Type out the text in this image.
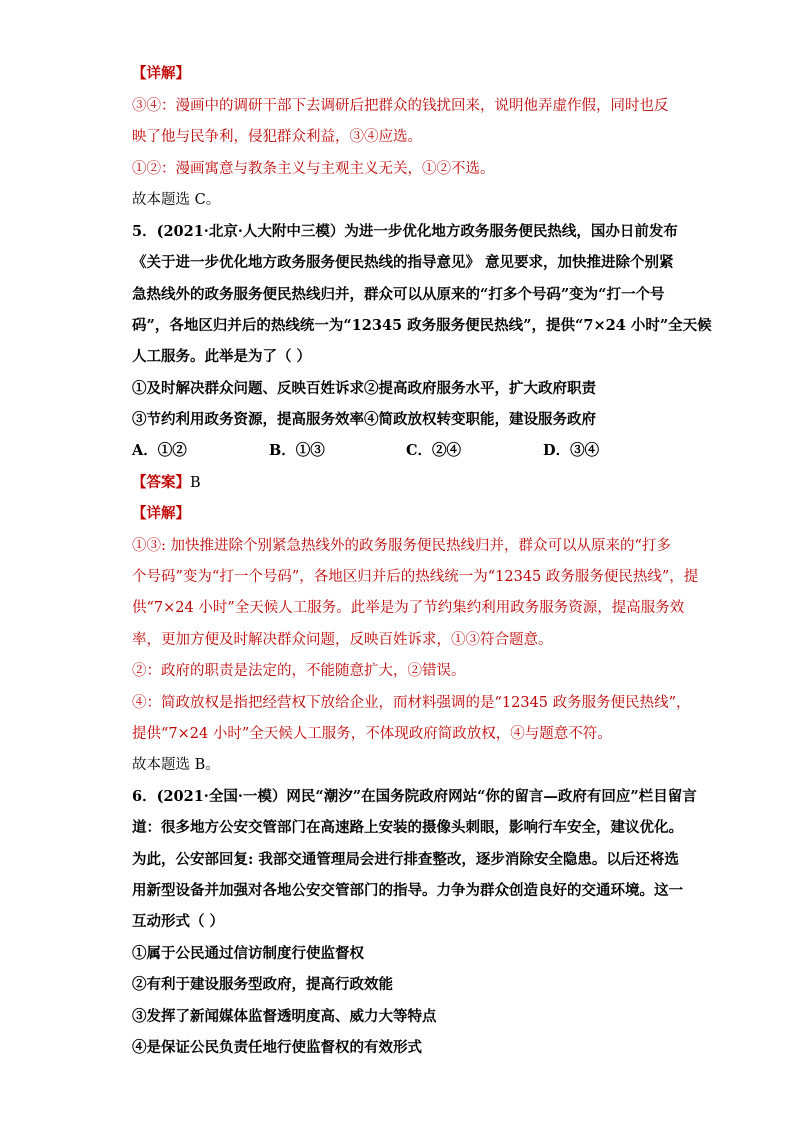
【详解】
③④：漫画中的调研干部下去调研后把群众的钱扰回来，说明他弄虚作假，同时也反
映了他与民争利，侵犯群众利益，③④应选。
①②：漫画寓意与教条主义与主观主义无关，①②不选。
故本题选 C。
5．(2021·北京·人大附中三模）为进一步优化地方政务服务便民热线，国办日前发布
《关于进一步优化地方政务服务便民热线的指导意见》 意见要求，加快推进除个别紧
急热线外的政务服务便民热线归并，群众可以从原来的“打多个号码”变为“打一个号
码”，各地区归并后的热线统一为“12345 政务服务便民热线”，提供“7×24 小时”全天候
人工服务。此举是为了（ ）
①及时解决群众问题、反映百姓诉求②提高政府服务水平，扩大政府职责
③节约利用政务资源，提高服务效率④简政放权转变职能，建设服务政府
A．①②	B．①③	C．②④	D．③④
【答案】B
【详解】
①③: 加快推进除个别紧急热线外的政务服务便民热线归并，群众可以从原来的“打多
个号码”变为“打一个号码”，各地区归并后的热线统一为“12345 政务服务便民热线”，提
供“7×24 小时”全天候人工服务。此举是为了节约集约利用政务服务资源，提高服务效
率，更加方便及时解决群众问题，反映百姓诉求，①③符合题意。
②：政府的职责是法定的，不能随意扩大，②错误。
④：简政放权是指把经营权下放给企业，而材料强调的是“12345 政务服务便民热线”，
提供“7×24 小时”全天候人工服务，不体现政府简政放权，④与题意不符。
故本题选 B。
6．(2021·全国·一模）网民“潮汐”在国务院政府网站“你的留言—政府有回应”栏目留言
道：很多地方公安交管部门在高速路上安装的摄像头刺眼，影响行车安全，建议优化。
为此，公安部回复: 我部交通管理局会进行排查整改，逐步消除安全隐患。以后还将选
用新型设备并加强对各地公安交管部门的指导。力争为群众创造良好的交通环境。这一
互动形式（ ）
①属于公民通过信访制度行使监督权
②有利于建设服务型政府，提高行政效能
③发挥了新闻媒体监督透明度高、威力大等特点
④是保证公民负责任地行使监督权的有效形式
